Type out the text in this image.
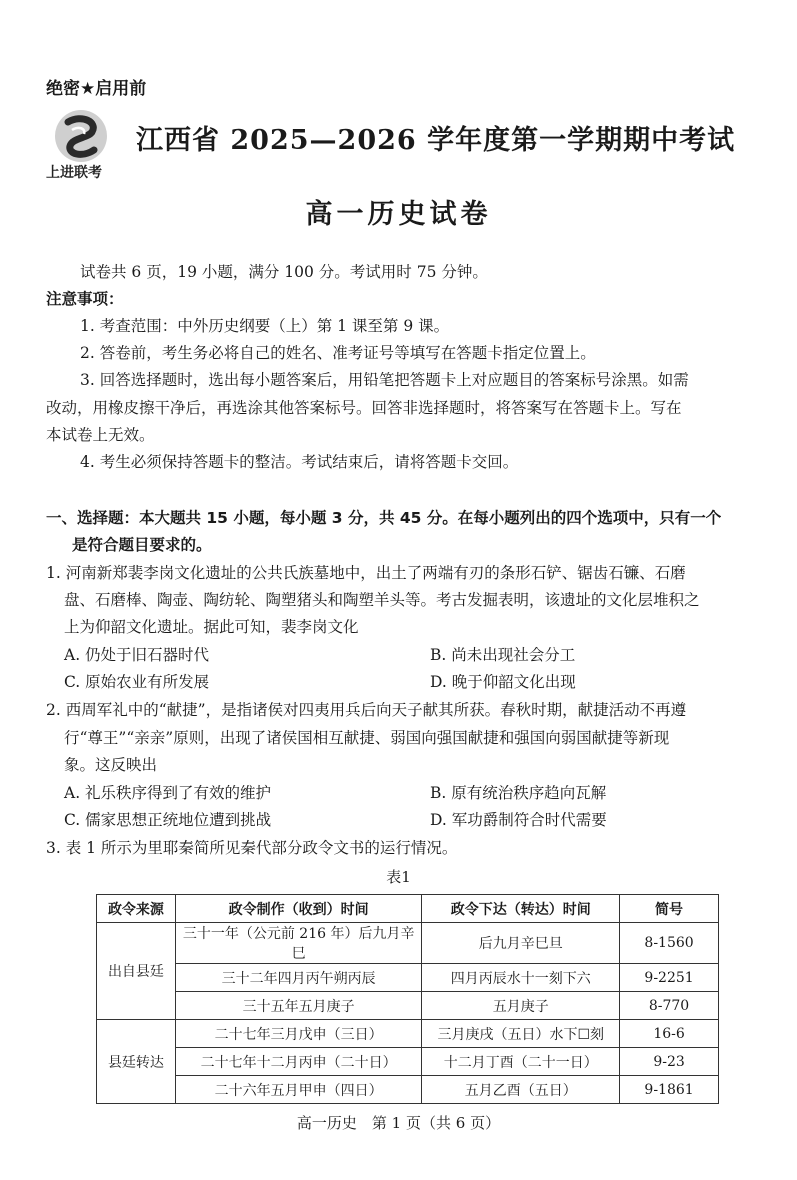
绝密★启用前
上进联考
江西省 2025—2026 学年度第一学期期中考试
高一历史试卷
试卷共 6 页，19 小题，满分 100 分。考试用时 75 分钟。
注意事项：
1. 考查范围：中外历史纲要（上）第 1 课至第 9 课。
2. 答卷前，考生务必将自己的姓名、准考证号等填写在答题卡指定位置上。
3. 回答选择题时，选出每小题答案后，用铅笔把答题卡上对应题目的答案标号涂黑。如需
改动，用橡皮擦干净后，再选涂其他答案标号。回答非选择题时，将答案写在答题卡上。写在
本试卷上无效。
4. 考生必须保持答题卡的整洁。考试结束后，请将答题卡交回。
一、选择题：本大题共 15 小题，每小题 3 分，共 45 分。在每小题列出的四个选项中，只有一个
是符合题目要求的。
1. 河南新郑裴李岗文化遗址的公共氏族墓地中，出土了两端有刃的条形石铲、锯齿石镰、石磨
盘、石磨棒、陶壶、陶纺轮、陶塑猪头和陶塑羊头等。考古发掘表明，该遗址的文化层堆积之
上为仰韶文化遗址。据此可知，裴李岗文化
A. 仍处于旧石器时代	B. 尚未出现社会分工
C. 原始农业有所发展	D. 晚于仰韶文化出现
2. 西周军礼中的“献捷”，是指诸侯对四夷用兵后向天子献其所获。春秋时期，献捷活动不再遵
行“尊王”“亲亲”原则，出现了诸侯国相互献捷、弱国向强国献捷和强国向弱国献捷等新现
象。这反映出
A. 礼乐秩序得到了有效的维护	B. 原有统治秩序趋向瓦解
C. 儒家思想正统地位遭到挑战	D. 军功爵制符合时代需要
3. 表 1 所示为里耶秦简所见秦代部分政令文书的运行情况。
表1
政令来源	政令制作（收到）时间	政令下达（转达）时间	简号
出自县廷	三十一年（公元前 216 年）后九月辛巳	后九月辛巳旦	8-1560
	三十二年四月丙午朔丙辰	四月丙辰水十一刻下六	9-2251
	三十五年五月庚子	五月庚子	8-770
县廷转达	二十七年三月戊申（三日）	三月庚戌（五日）水下☐刻	16-6
	二十七年十二月丙申（二十日）	十二月丁酉（二十一日）	9-23
	二十六年五月甲申（四日）	五月乙酉（五日）	9-1861
高一历史　第 1 页（共 6 页）
